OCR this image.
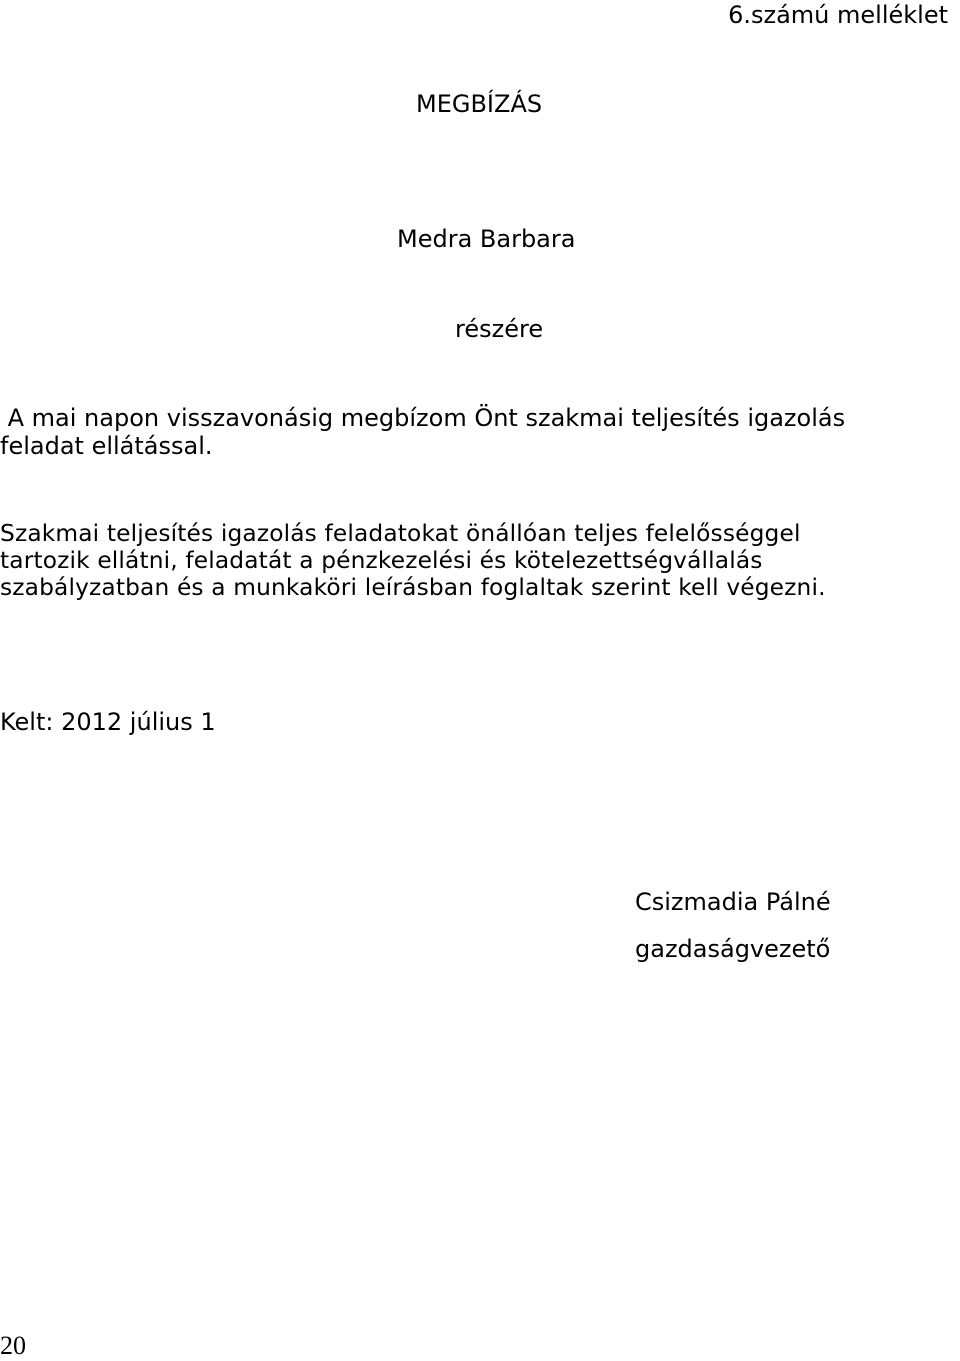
6.számú melléklet
MEGBÍZÁS
Medra Barbara
részére
A mai napon visszavonásig megbízom Önt szakmai teljesítés igazolás
feladat ellátással.
Szakmai teljesítés igazolás feladatokat önállóan teljes felelősséggel
tartozik ellátni, feladatát a pénzkezelési és kötelezettségvállalás
szabályzatban és a munkaköri leírásban foglaltak szerint kell végezni.
Kelt: 2012 július 1
Csizmadia Pálné
gazdaságvezető
20
